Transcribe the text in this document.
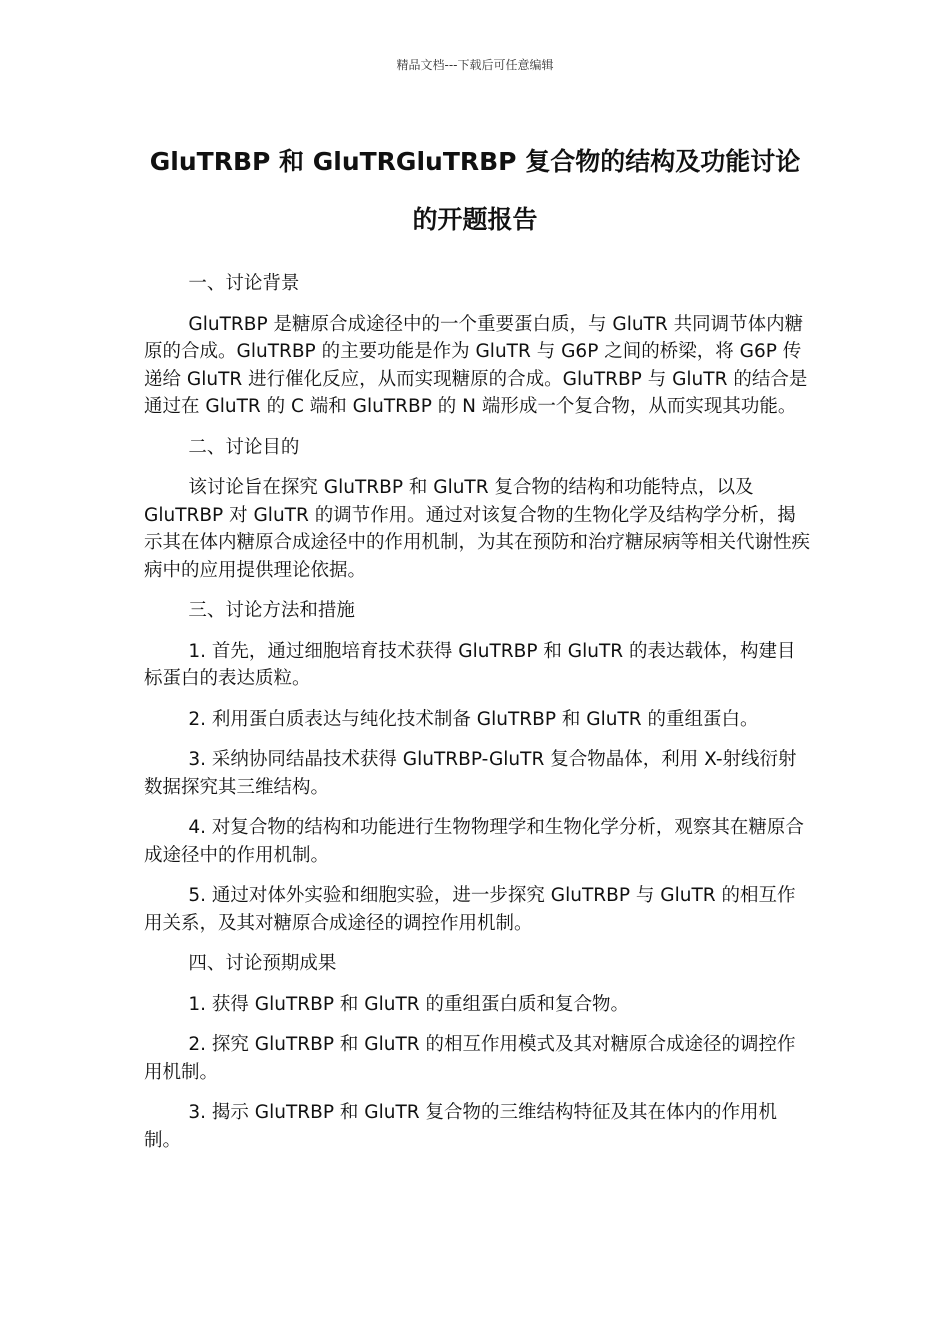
精品文档---下载后可任意编辑
GluTRBP 和 GluTRGluTRBP 复合物的结构及功能讨论的开题报告

一、讨论背景

GluTRBP 是糖原合成途径中的一个重要蛋白质，与 GluTR 共同调节体内糖原的合成。GluTRBP 的主要功能是作为 GluTR 与 G6P 之间的桥梁，将 G6P 传递给 GluTR 进行催化反应，从而实现糖原的合成。GluTRBP 与 GluTR 的结合是通过在 GluTR 的 C 端和 GluTRBP 的 N 端形成一个复合物，从而实现其功能。

二、讨论目的

该讨论旨在探究 GluTRBP 和 GluTR 复合物的结构和功能特点，以及 GluTRBP 对 GluTR 的调节作用。通过对该复合物的生物化学及结构学分析，揭示其在体内糖原合成途径中的作用机制，为其在预防和治疗糖尿病等相关代谢性疾病中的应用提供理论依据。

三、讨论方法和措施

1. 首先，通过细胞培育技术获得 GluTRBP 和 GluTR 的表达载体，构建目标蛋白的表达质粒。

2. 利用蛋白质表达与纯化技术制备 GluTRBP 和 GluTR 的重组蛋白。

3. 采纳协同结晶技术获得 GluTRBP-GluTR 复合物晶体，利用 X-射线衍射数据探究其三维结构。

4. 对复合物的结构和功能进行生物物理学和生物化学分析，观察其在糖原合成途径中的作用机制。

5. 通过对体外实验和细胞实验，进一步探究 GluTRBP 与 GluTR 的相互作用关系，及其对糖原合成途径的调控作用机制。

四、讨论预期成果

1. 获得 GluTRBP 和 GluTR 的重组蛋白质和复合物。

2. 探究 GluTRBP 和 GluTR 的相互作用模式及其对糖原合成途径的调控作用机制。

3. 揭示 GluTRBP 和 GluTR 复合物的三维结构特征及其在体内的作用机制。
